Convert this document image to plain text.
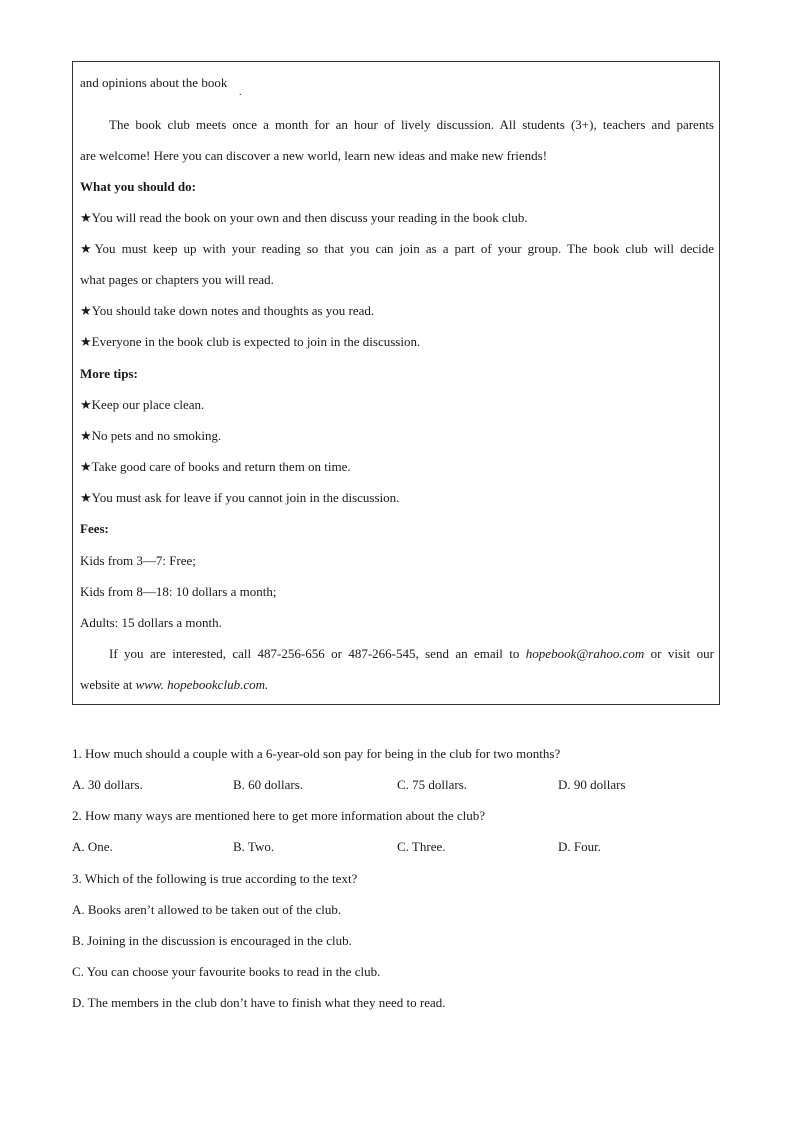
and opinions about the book
.
The book club meets once a month for an hour of lively discussion. All students (3+), teachers and parents
are welcome! Here you can discover a new world, learn new ideas and make new friends!
What you should do:
★You will read the book on your own and then discuss your reading in the book club.
★You must keep up with your reading so that you can join as a part of your group. The book club will decide
what pages or chapters you will read.
★You should take down notes and thoughts as you read.
★Everyone in the book club is expected to join in the discussion.
More tips:
★Keep our place clean.
★No pets and no smoking.
★Take good care of books and return them on time.
★You must ask for leave if you cannot join in the discussion.
Fees:
Kids from 3—7: Free;
Kids from 8—18: 10 dollars a month;
Adults: 15 dollars a month.
If you are interested, call 487-256-656 or 487-266-545, send an email to hopebook@rahoo.com or visit our
website at www. hopebookclub.com.
1. How much should a couple with a 6-year-old son pay for being in the club for two months?
A. 30 dollars.	B. 60 dollars.	C. 75 dollars.	D. 90 dollars
2. How many ways are mentioned here to get more information about the club?
A. One.	B. Two.	C. Three.	D. Four.
3. Which of the following is true according to the text?
A. Books aren’t allowed to be taken out of the club.
B. Joining in the discussion is encouraged in the club.
C. You can choose your favourite books to read in the club.
D. The members in the club don’t have to finish what they need to read.
